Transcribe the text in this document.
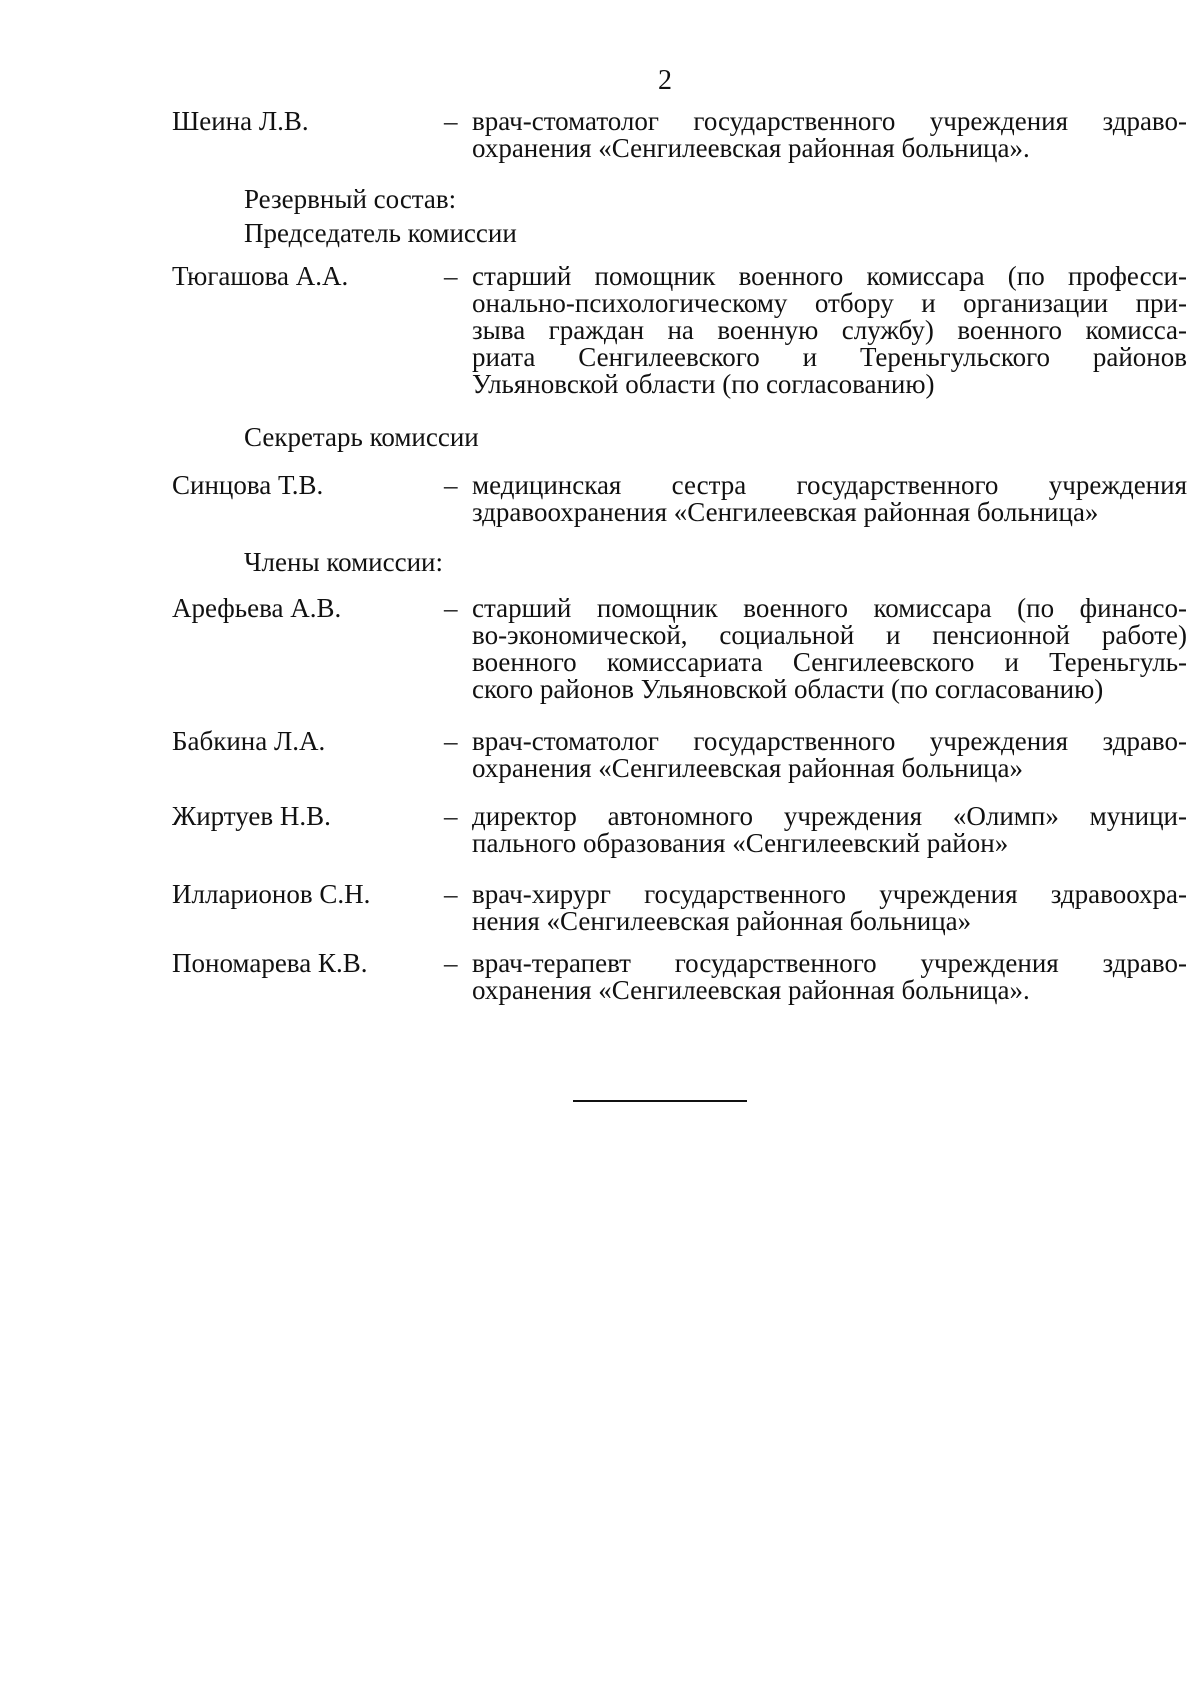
2
Шеина Л.В.	– врач-стоматолог государственного учреждения здраво-
охранения «Сенгилеевская районная больница».
Резервный состав:
Председатель комиссии
Тюгашова А.А.	– старший помощник военного комиссара (по професси-
онально-психологическому отбору и организации при-
зыва граждан на военную службу) военного комисса-
риата Сенгилеевского и Тереньгульского районов
Ульяновской области (по согласованию)
Секретарь комиссии
Синцова Т.В.	– медицинская сестра государственного учреждения
здравоохранения «Сенгилеевская районная больница»
Члены комиссии:
Арефьева А.В.	– старший помощник военного комиссара (по финансо-
во-экономической, социальной и пенсионной работе)
военного комиссариата Сенгилеевского и Тереньгуль-
ского районов Ульяновской области (по согласованию)
Бабкина Л.А.	– врач-стоматолог государственного учреждения здраво-
охранения «Сенгилеевская районная больница»
Жиртуев Н.В.	– директор автономного учреждения «Олимп» муници-
пального образования «Сенгилеевский район»
Илларионов С.Н.	– врач-хирург государственного учреждения здравоохра-
нения «Сенгилеевская районная больница»
Пономарева К.В.	– врач-терапевт государственного учреждения здраво-
охранения «Сенгилеевская районная больница».
